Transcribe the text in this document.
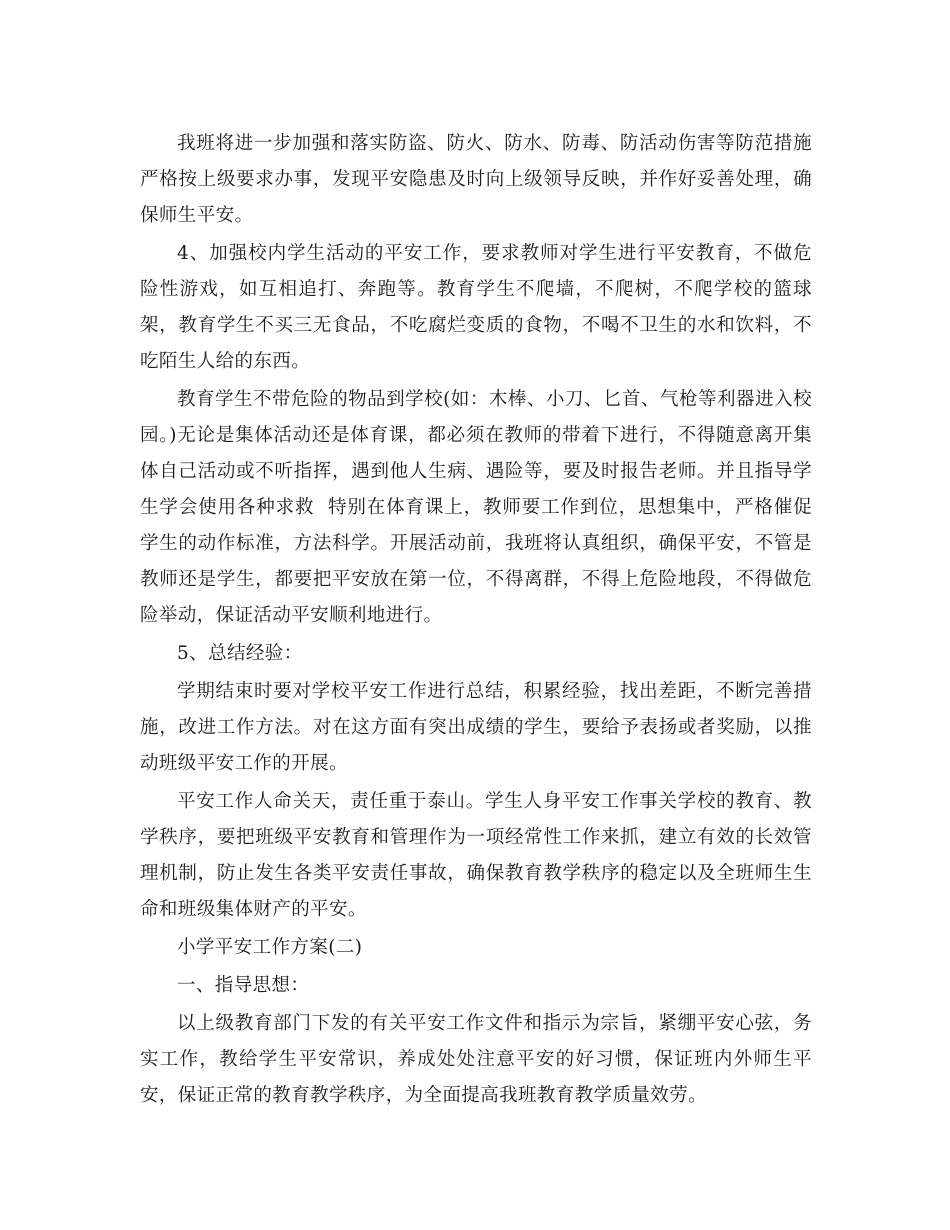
我班将进一步加强和落实防盗、防火、防水、防毒、防活动伤害等防范措施严格按上级要求办事，发现平安隐患及时向上级领导反映，并作好妥善处理，确保师生平安。

4、加强校内学生活动的平安工作，要求教师对学生进行平安教育，不做危险性游戏，如互相追打、奔跑等。教育学生不爬墙，不爬树，不爬学校的篮球架，教育学生不买三无食品，不吃腐烂变质的食物，不喝不卫生的水和饮料，不吃陌生人给的东西。

教育学生不带危险的物品到学校(如：木棒、小刀、匕首、气枪等利器进入校园。)无论是集体活动还是体育课，都必须在教师的带着下进行，不得随意离开集体自己活动或不听指挥，遇到他人生病、遇险等，要及时报告老师。并且指导学生学会使用各种求救  特别在体育课上，教师要工作到位，思想集中，严格催促学生的动作标准，方法科学。开展活动前，我班将认真组织，确保平安，不管是教师还是学生，都要把平安放在第一位，不得离群，不得上危险地段，不得做危险举动，保证活动平安顺利地进行。

5、总结经验：

学期结束时要对学校平安工作进行总结，积累经验，找出差距，不断完善措施，改进工作方法。对在这方面有突出成绩的学生，要给予表扬或者奖励，以推动班级平安工作的开展。

平安工作人命关天，责任重于泰山。学生人身平安工作事关学校的教育、教学秩序，要把班级平安教育和管理作为一项经常性工作来抓，建立有效的长效管理机制，防止发生各类平安责任事故，确保教育教学秩序的稳定以及全班师生生命和班级集体财产的平安。

小学平安工作方案(二)

一、指导思想：

以上级教育部门下发的有关平安工作文件和指示为宗旨，紧绷平安心弦，务实工作，教给学生平安常识，养成处处注意平安的好习惯，保证班内外师生平安，保证正常的教育教学秩序，为全面提高我班教育教学质量效劳。
